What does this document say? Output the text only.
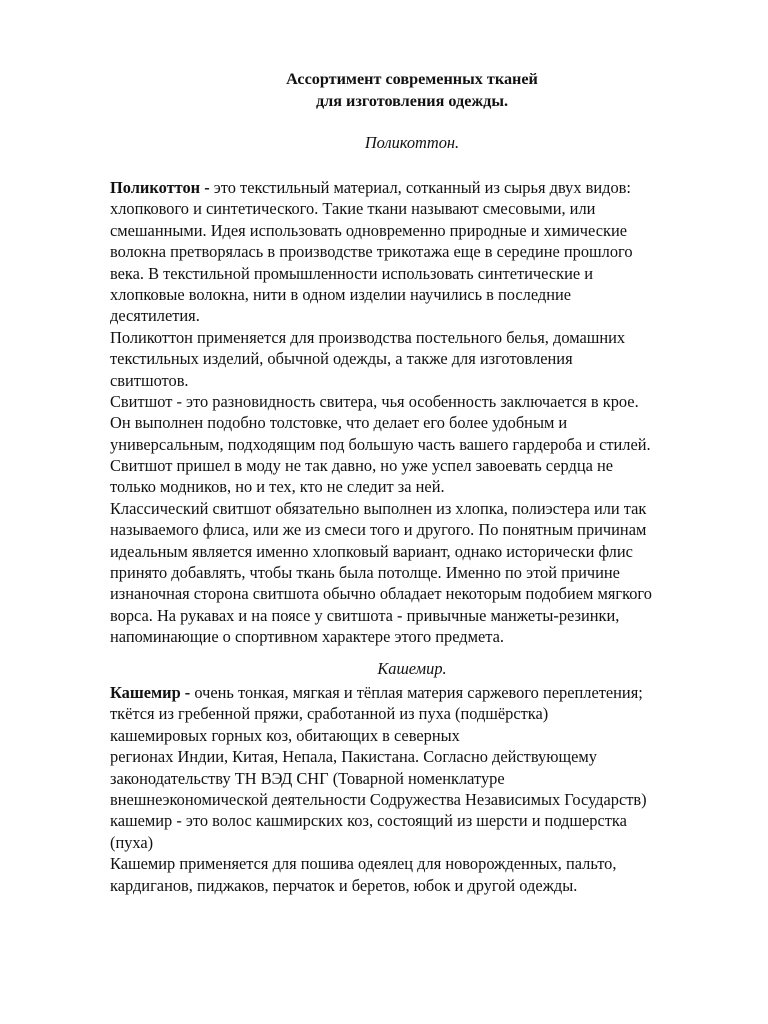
Ассортимент современных тканей
для изготовления одежды.
Поликоттон.
Поликоттон - это текстильный материал, сотканный из сырья двух видов:
хлопкового и синтетического. Такие ткани называют смесовыми, или
смешанными. Идея использовать одновременно природные и химические
волокна претворялась в производстве трикотажа еще в середине прошлого
века. В текстильной промышленности использовать синтетические и
хлопковые волокна, нити в одном изделии научились в последние
десятилетия.
Поликоттон применяется для производства постельного белья, домашних
текстильных изделий, обычной одежды, а также для изготовления
свитшотов.
Свитшот - это разновидность свитера, чья особенность заключается в крое.
Он выполнен подобно толстовке, что делает его более удобным и
универсальным, подходящим под большую часть вашего гардероба и стилей.
Свитшот пришел в моду не так давно, но уже успел завоевать сердца не
только модников, но и тех, кто не следит за ней.
Классический свитшот обязательно выполнен из хлопка, полиэстера или так
называемого флиса, или же из смеси того и другого. По понятным причинам
идеальным является именно хлопковый вариант, однако исторически флис
принято добавлять, чтобы ткань была потолще. Именно по этой причине
изнаночная сторона свитшота обычно обладает некоторым подобием мягкого
ворса. На рукавах и на поясе у свитшота - привычные манжеты-резинки,
напоминающие о спортивном характере этого предмета.
Кашемир.
Кашемир - очень тонкая, мягкая и тёплая материя саржевого переплетения;
ткётся из гребенной пряжи, сработанной из пуха (подшёрстка)
кашемировых горных коз, обитающих в северных
регионах Индии, Китая, Непала, Пакистана. Согласно действующему
законодательству ТН ВЭД СНГ (Товарной номенклатуре
внешнеэкономической деятельности Содружества Независимых Государств)
кашемир - это волос кашмирских коз, состоящий из шерсти и подшерстка
(пуха)
Кашемир применяется для пошива одеялец для новорожденных, пальто,
кардиганов, пиджаков, перчаток и беретов, юбок и другой одежды.
